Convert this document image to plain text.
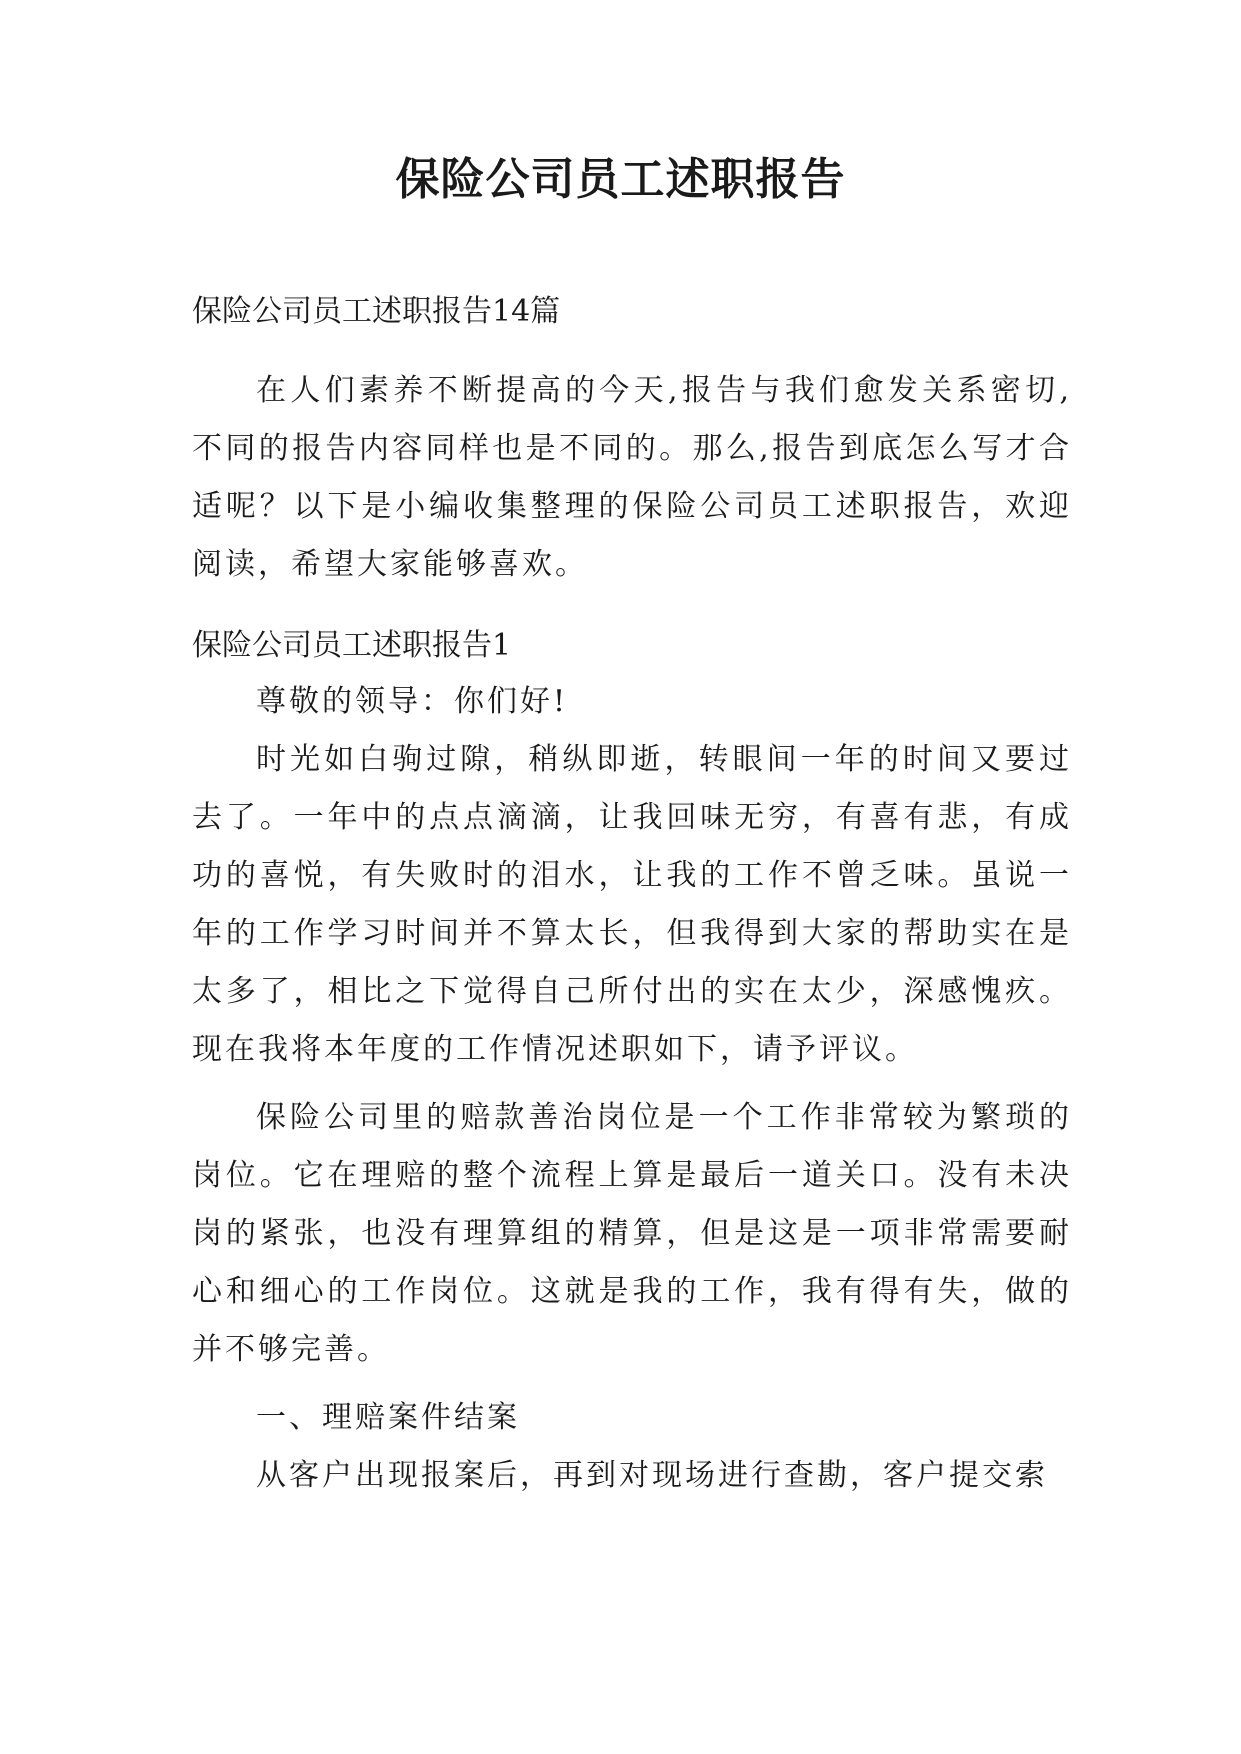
保险公司员工述职报告
保险公司员工述职报告14篇

在人们素养不断提高的今天,报告与我们愈发关系密切,不同的报告内容同样也是不同的。那么,报告到底怎么写才合适呢？以下是小编收集整理的保险公司员工述职报告，欢迎阅读，希望大家能够喜欢。

保险公司员工述职报告1

尊敬的领导：你们好!

时光如白驹过隙，稍纵即逝，转眼间一年的时间又要过去了。一年中的点点滴滴，让我回味无穷，有喜有悲，有成功的喜悦，有失败时的泪水，让我的工作不曾乏味。虽说一年的工作学习时间并不算太长，但我得到大家的帮助实在是太多了，相比之下觉得自己所付出的实在太少，深感愧疚。现在我将本年度的工作情况述职如下，请予评议。

保险公司里的赔款善治岗位是一个工作非常较为繁琐的岗位。它在理赔的整个流程上算是最后一道关口。没有未决岗的紧张，也没有理算组的精算，但是这是一项非常需要耐心和细心的工作岗位。这就是我的工作，我有得有失，做的并不够完善。

一、理赔案件结案

从客户出现报案后，再到对现场进行查勘，客户提交索
